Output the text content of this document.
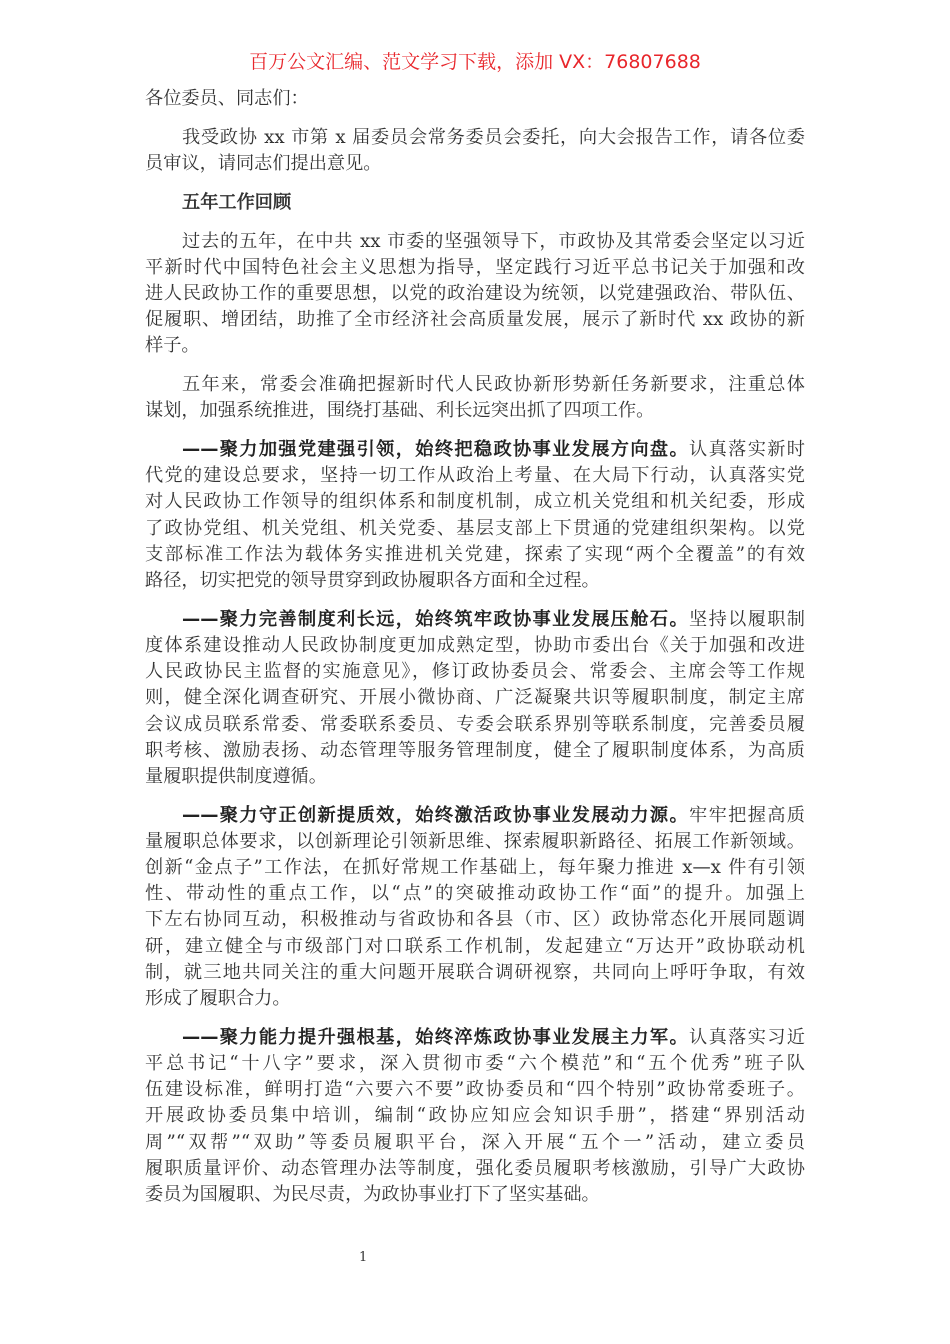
百万公文汇编、范文学习下载，添加 VX：76807688
各位委员、同志们：
我受政协 xx 市第 x 届委员会常务委员会委托，向大会报告工作，请各位委
员审议，请同志们提出意见。
五年工作回顾
过去的五年，在中共 xx 市委的坚强领导下，市政协及其常委会坚定以习近
平新时代中国特色社会主义思想为指导，坚定践行习近平总书记关于加强和改
进人民政协工作的重要思想，以党的政治建设为统领，以党建强政治、带队伍、
促履职、增团结，助推了全市经济社会高质量发展，展示了新时代 xx 政协的新
样子。
五年来，常委会准确把握新时代人民政协新形势新任务新要求，注重总体
谋划，加强系统推进，围绕打基础、利长远突出抓了四项工作。
——聚力加强党建强引领，始终把稳政协事业发展方向盘。认真落实新时
代党的建设总要求，坚持一切工作从政治上考量、在大局下行动，认真落实党
对人民政协工作领导的组织体系和制度机制，成立机关党组和机关纪委，形成
了政协党组、机关党组、机关党委、基层支部上下贯通的党建组织架构。以党
支部标准工作法为载体务实推进机关党建，探索了实现“两个全覆盖”的有效
路径，切实把党的领导贯穿到政协履职各方面和全过程。
——聚力完善制度利长远，始终筑牢政协事业发展压舱石。坚持以履职制
度体系建设推动人民政协制度更加成熟定型，协助市委出台《关于加强和改进
人民政协民主监督的实施意见》，修订政协委员会、常委会、主席会等工作规
则，健全深化调查研究、开展小微协商、广泛凝聚共识等履职制度，制定主席
会议成员联系常委、常委联系委员、专委会联系界别等联系制度，完善委员履
职考核、激励表扬、动态管理等服务管理制度，健全了履职制度体系，为高质
量履职提供制度遵循。
——聚力守正创新提质效，始终激活政协事业发展动力源。牢牢把握高质
量履职总体要求，以创新理论引领新思维、探索履职新路径、拓展工作新领域。
创新“金点子”工作法，在抓好常规工作基础上，每年聚力推进 x—x 件有引领
性、带动性的重点工作，以“点”的突破推动政协工作“面”的提升。加强上
下左右协同互动，积极推动与省政协和各县（市、区）政协常态化开展同题调
研，建立健全与市级部门对口联系工作机制，发起建立“万达开”政协联动机
制，就三地共同关注的重大问题开展联合调研视察，共同向上呼吁争取，有效
形成了履职合力。
——聚力能力提升强根基，始终淬炼政协事业发展主力军。认真落实习近
平总书记“十八字”要求，深入贯彻市委“六个模范”和“五个优秀”班子队
伍建设标准，鲜明打造“六要六不要”政协委员和“四个特别”政协常委班子。
开展政协委员集中培训，编制“政协应知应会知识手册”，搭建“界别活动
周”“双帮”“双助”等委员履职平台，深入开展“五个一”活动，建立委员
履职质量评价、动态管理办法等制度，强化委员履职考核激励，引导广大政协
委员为国履职、为民尽责，为政协事业打下了坚实基础。
1
